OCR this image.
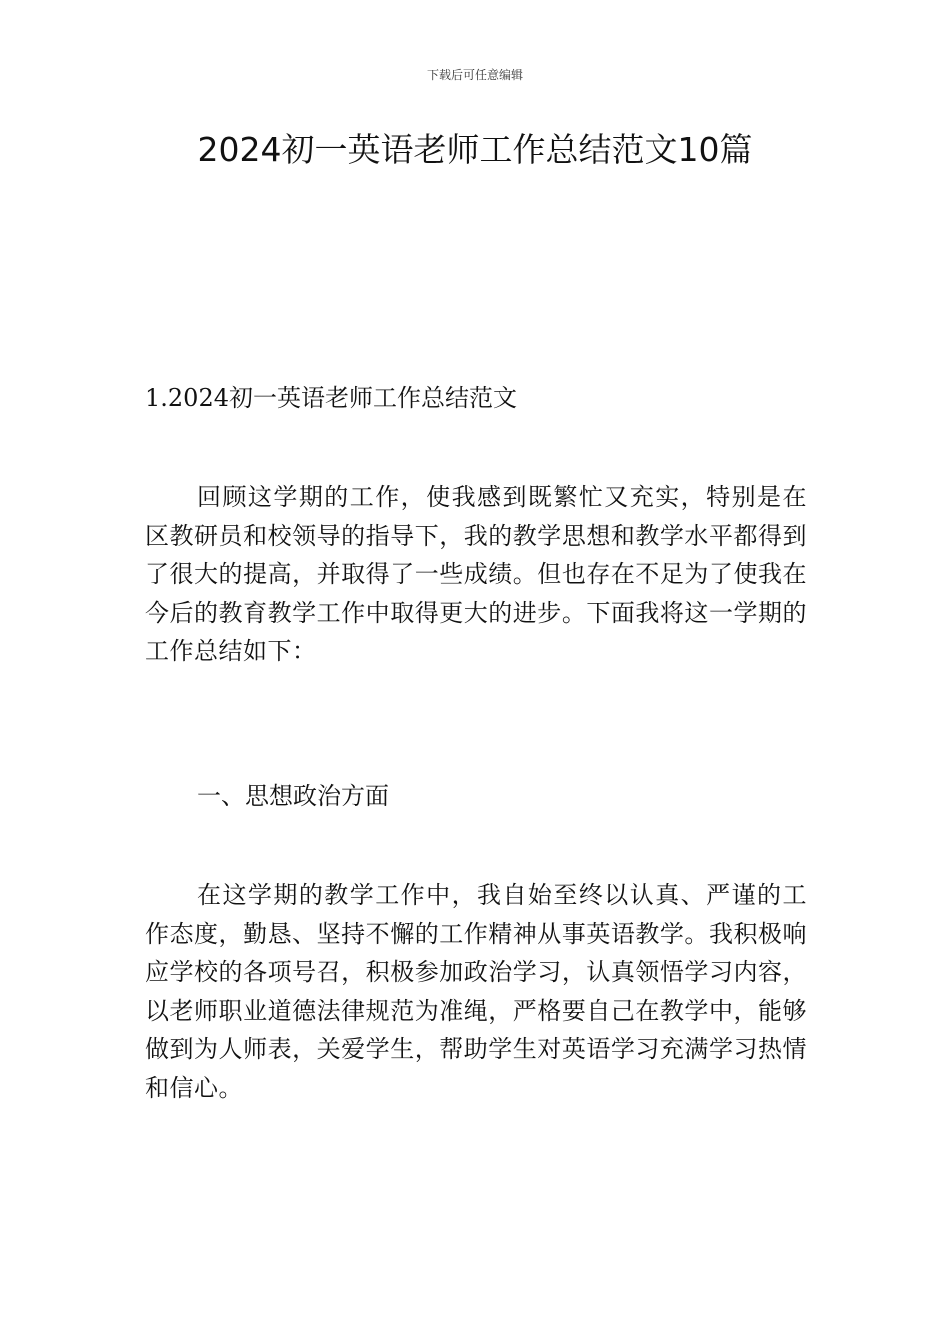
下载后可任意编辑
2024初一英语老师工作总结范文10篇
1.2024初一英语老师工作总结范文

回顾这学期的工作，使我感到既繁忙又充实，特别是在区教研员和校领导的指导下，我的教学思想和教学水平都得到了很大的提高，并取得了一些成绩。但也存在不足为了使我在今后的教育教学工作中取得更大的进步。下面我将这一学期的工作总结如下：

一、思想政治方面

在这学期的教学工作中，我自始至终以认真、严谨的工作态度，勤恳、坚持不懈的工作精神从事英语教学。我积极响应学校的各项号召，积极参加政治学习，认真领悟学习内容，以老师职业道德法律规范为准绳，严格要自己在教学中，能够做到为人师表，关爱学生，帮助学生对英语学习充满学习热情和信心。
